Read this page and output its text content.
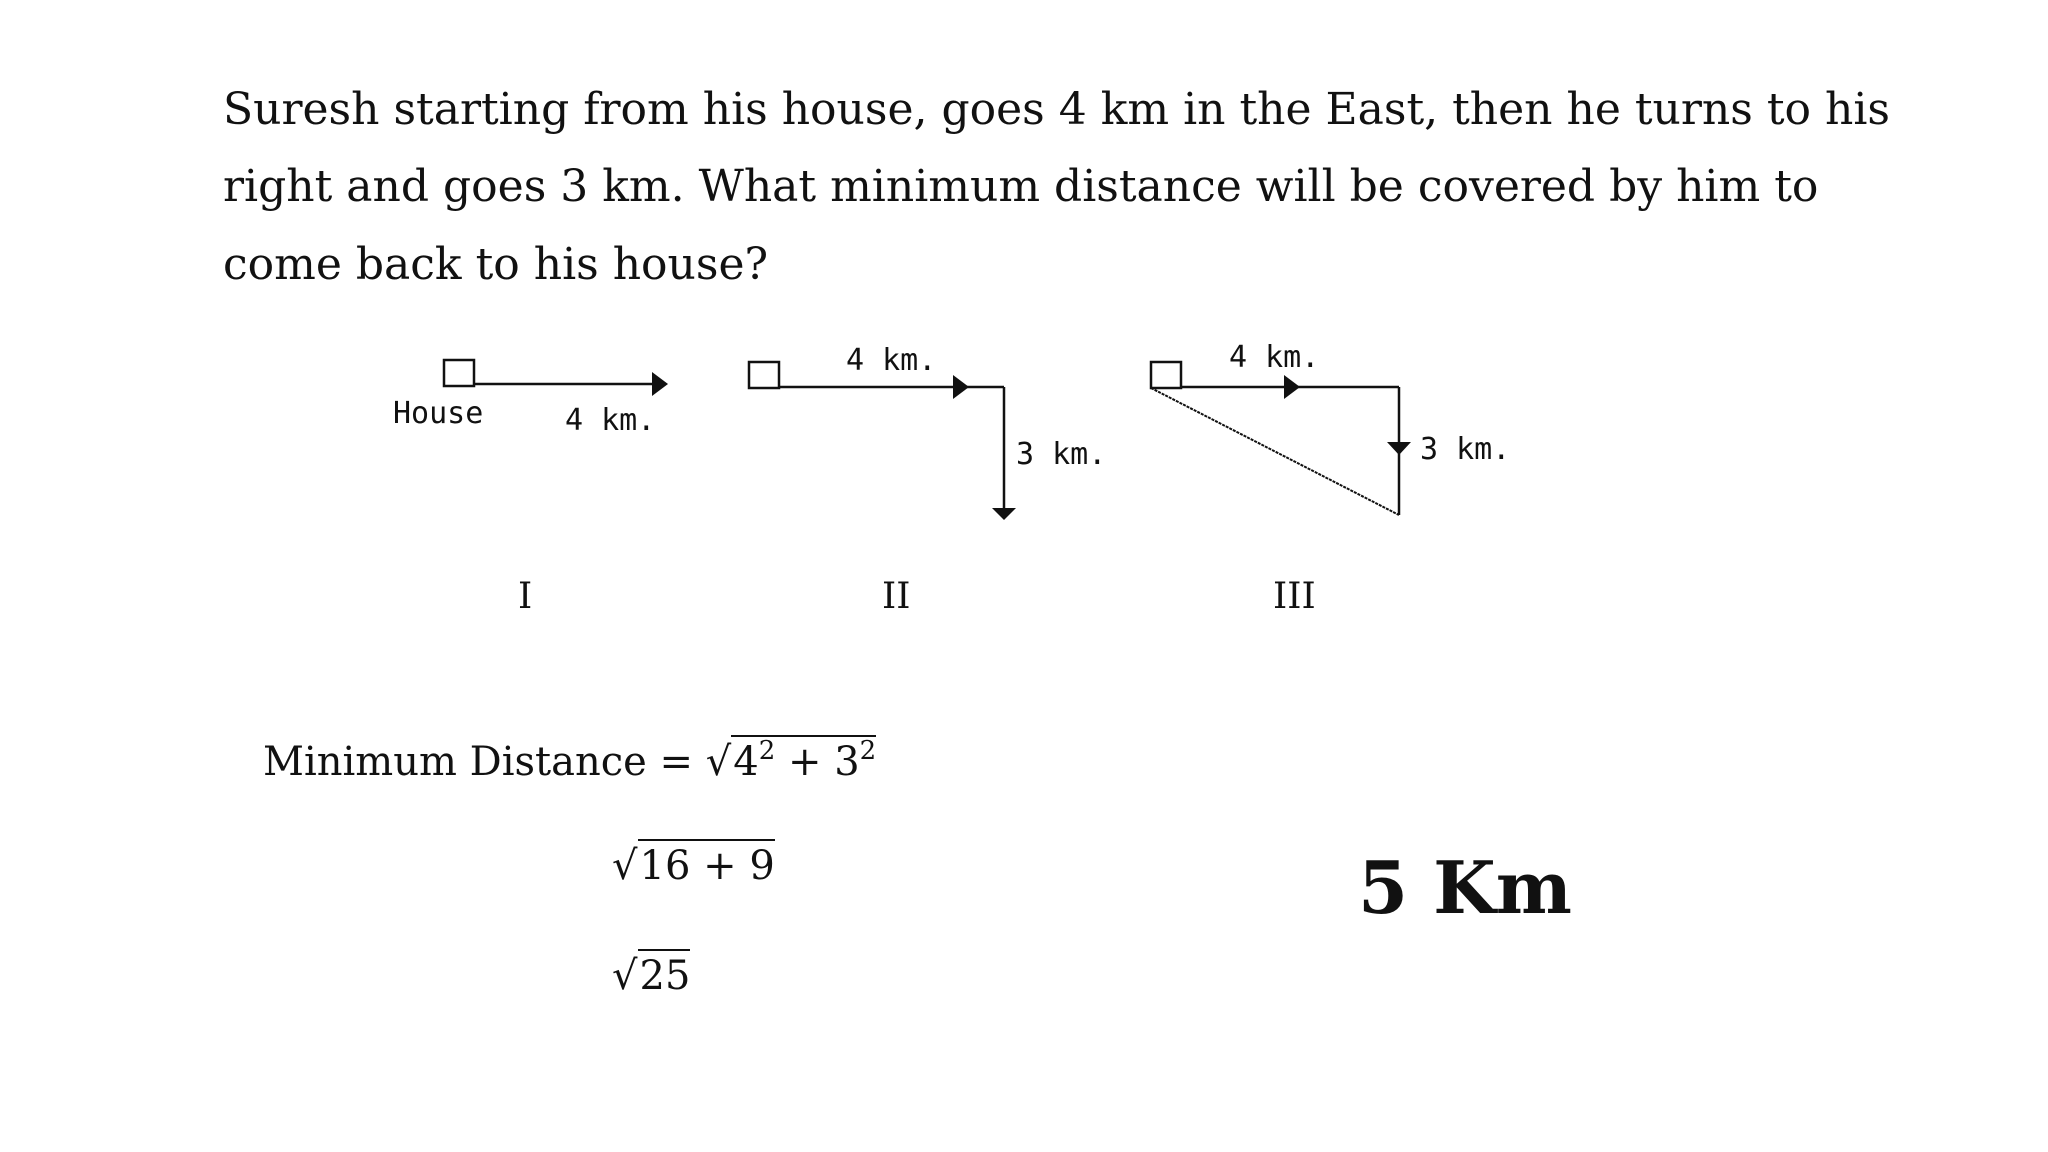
Suresh starting from his house, goes 4 km in the East, then he turns to his
right and goes 3 km. What minimum distance will be covered by him to
come back to his house?
House	4 km.
I
4 km.
3 km.
II
4 km.
3 km.
III
Minimum Distance = $√4^2 + 3^2$
√16 + 9
√25
5 Km
